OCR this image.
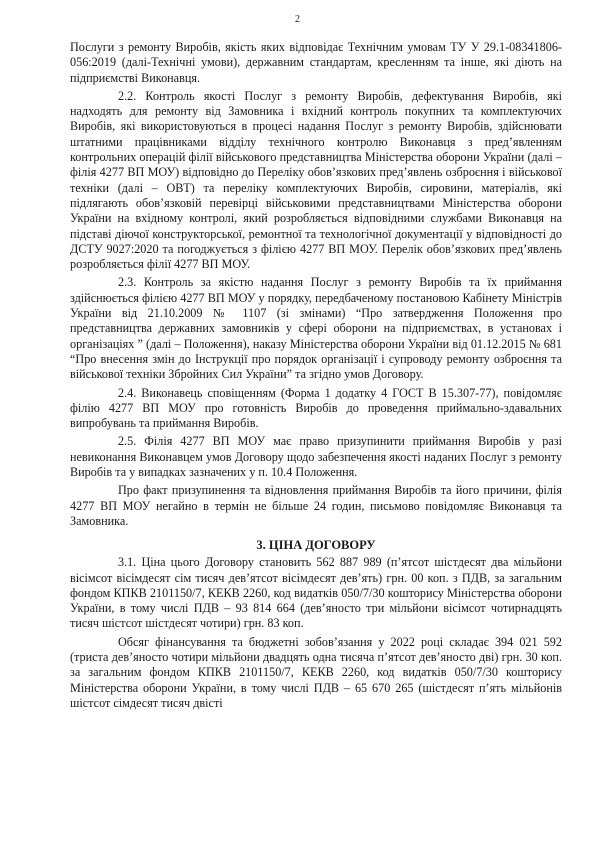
2

Послуги з ремонту Виробів, якість яких відповідає Технічним умовам ТУ У 29.1-08341806-056:2019 (далі-Технічні умови), державним стандартам, кресленням та інше, які діють на підприємстві Виконавця.

2.2. Контроль якості Послуг з ремонту Виробів, дефектування Виробів, які надходять для ремонту від Замовника і вхідний контроль покупних та комплектуючих Виробів, які використовуються в процесі надання Послуг з ремонту Виробів, здійснювати штатними працівниками відділу технічного контролю Виконавця з пред’явленням контрольних операцій філії військового представництва Міністерства оборони України (далі – філія 4277 ВП МОУ) відповідно до Переліку обов’язкових пред’явлень озброєння і військової техніки (далі – ОВТ) та переліку комплектуючих Виробів, сировини, матеріалів, які підлягають обов’язковій перевірці військовими представництвами Міністерства оборони України на вхідному контролі, який розробляється відповідними службами Виконавця на підставі діючої конструкторської, ремонтної та технологічної документації у відповідності до ДСТУ 9027:2020 та погоджується з філією 4277 ВП МОУ. Перелік обов’язкових пред’явлень розробляється філії 4277 ВП МОУ.

2.3. Контроль за якістю надання Послуг з ремонту Виробів та їх приймання здійснюється філією 4277 ВП МОУ у порядку, передбаченому постановою Кабінету Міністрів України від 21.10.2009 № 1107 (зі змінами) “Про затвердження Положення про представництва державних замовників у сфері оборони на підприємствах, в установах і організаціях ” (далі – Положення), наказу Міністерства оборони України від 01.12.2015 № 681 “Про внесення змін до Інструкції про порядок організації і супроводу ремонту озброєння та військової техніки Збройних Сил України” та згідно умов Договору.

2.4. Виконавець сповіщенням (Форма 1 додатку 4 ГОСТ В 15.307-77), повідомляє філію 4277 ВП МОУ про готовність Виробів до проведення приймально-здавальних випробувань та приймання Виробів.

2.5. Філія 4277 ВП МОУ має право призупинити приймання Виробів у разі невиконання Виконавцем умов Договору щодо забезпечення якості наданих Послуг з ремонту Виробів та у випадках зазначених у п. 10.4 Положення.

Про факт призупинення та відновлення приймання Виробів та його причини, філія 4277 ВП МОУ негайно в термін не більше 24 годин, письмово повідомляє Виконавця та Замовника.

3. ЦІНА ДОГОВОРУ

3.1. Ціна цього Договору становить 562 887 989 (п’ятсот шістдесят два мільйони вісімсот вісімдесят сім тисяч дев’ятсот вісімдесят дев’ять) грн. 00 коп. з ПДВ, за загальним фондом КПКВ 2101150/7, КЕКВ 2260, код видатків 050/7/30 кошторису Міністерства оборони України, в тому числі ПДВ – 93 814 664 (дев’яносто три мільйони вісімсот чотирнадцять тисяч шістсот шістдесят чотири) грн. 83 коп.

Обсяг фінансування та бюджетні зобов’язання у 2022 році складає 394 021 592 (триста дев’яносто чотири мільйони двадцять одна тисяча п’ятсот дев’яносто дві) грн. 30 коп. за загальним фондом КПКВ 2101150/7, КЕКВ 2260, код видатків 050/7/30 кошторису Міністерства оборони України, в тому числі ПДВ – 65 670 265 (шістдесят п’ять мільйонів шістсот сімдесят тисяч двісті
